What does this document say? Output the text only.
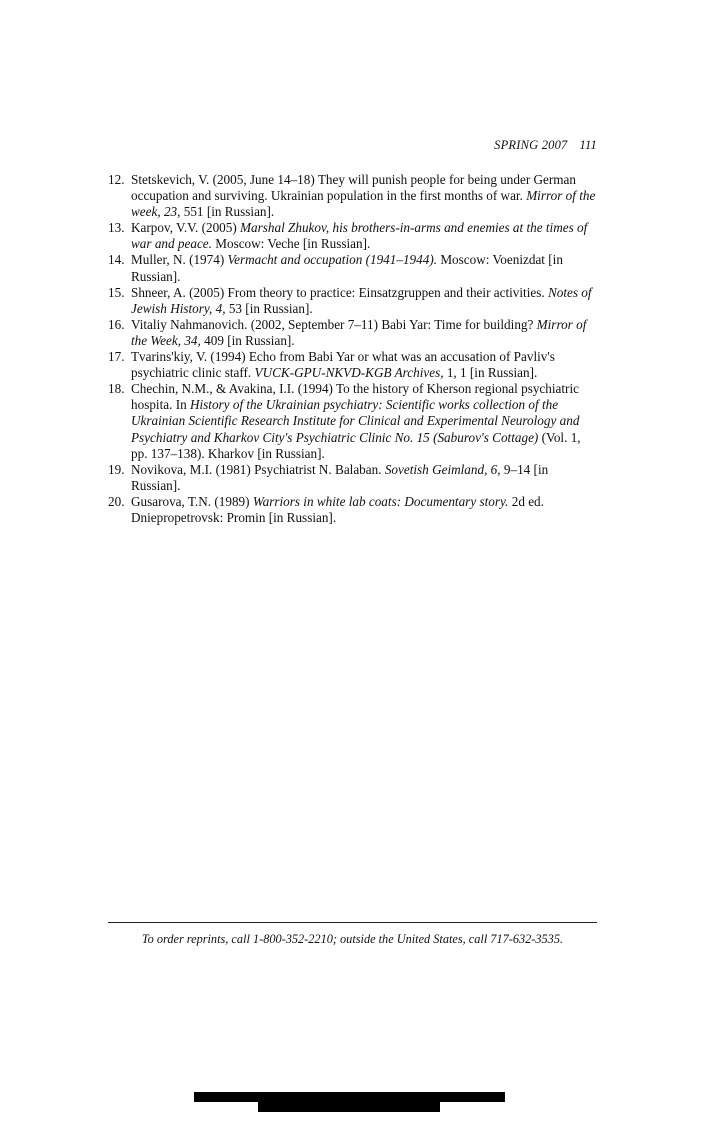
SPRING 2007 111
12. Stetskevich, V. (2005, June 14–18) They will punish people for being under German occupation and surviving. Ukrainian population in the first months of war. Mirror of the week, 23, 551 [in Russian].
13. Karpov, V.V. (2005) Marshal Zhukov, his brothers-in-arms and enemies at the times of war and peace. Moscow: Veche [in Russian].
14. Muller, N. (1974) Vermacht and occupation (1941–1944). Moscow: Voenizdat [in Russian].
15. Shneer, A. (2005) From theory to practice: Einsatzgruppen and their activities. Notes of Jewish History, 4, 53 [in Russian].
16. Vitaliy Nahmanovich. (2002, September 7–11) Babi Yar: Time for building? Mirror of the Week, 34, 409 [in Russian].
17. Tvarins'kiy, V. (1994) Echo from Babi Yar or what was an accusation of Pavliv's psychiatric clinic staff. VUCK-GPU-NKVD-KGB Archives, 1, 1 [in Russian].
18. Chechin, N.M., & Avakina, I.I. (1994) To the history of Kherson regional psychiatric hospita. In History of the Ukrainian psychiatry: Scientific works collection of the Ukrainian Scientific Research Institute for Clinical and Experimental Neurology and Psychiatry and Kharkov City's Psychiatric Clinic No. 15 (Saburov's Cottage) (Vol. 1, pp. 137–138). Kharkov [in Russian].
19. Novikova, M.I. (1981) Psychiatrist N. Balaban. Sovetish Geimland, 6, 9–14 [in Russian].
20. Gusarova, T.N. (1989) Warriors in white lab coats: Documentary story. 2d ed. Dniepropetrovsk: Promin [in Russian].
To order reprints, call 1-800-352-2210; outside the United States, call 717-632-3535.
